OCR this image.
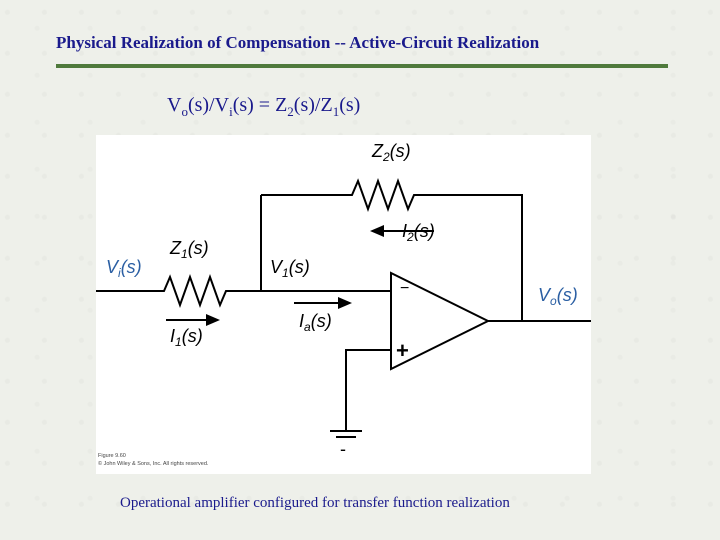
Physical Realization of Compensation -- Active-Circuit Realization
$V_o(s)/V_i(s) = Z_2(s)/Z_1(s)$
$Z_2(s)$
$I_2(s)$
$V_i(s)$
$Z_1(s)$
$V_1(s)$
$I_a(s)$
$I_1(s)$
$V_o(s)$
−
+
-
Figure 9.60
© John Wiley & Sons, Inc. All rights reserved.
Operational amplifier configured for transfer function realization
